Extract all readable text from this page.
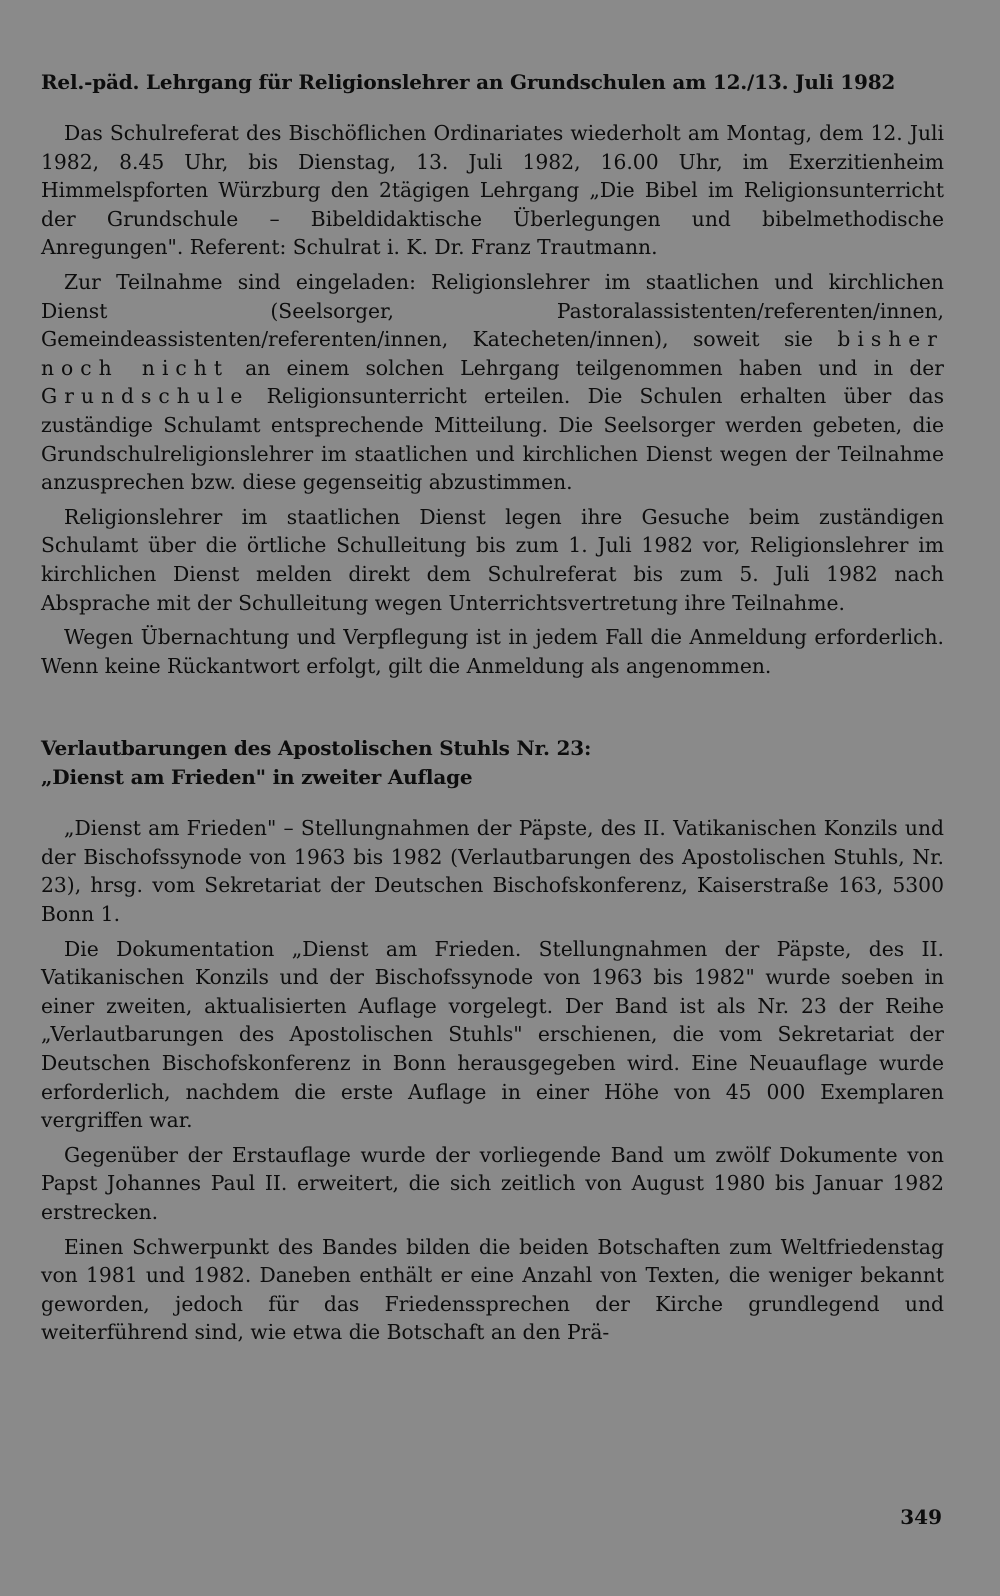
Rel.-päd. Lehrgang für Religionslehrer an Grundschulen am 12./13. Juli 1982

Das Schulreferat des Bischöflichen Ordinariates wiederholt am Montag, dem 12. Juli 1982, 8.45 Uhr, bis Dienstag, 13. Juli 1982, 16.00 Uhr, im Exerzitienheim Himmelspforten Würzburg den 2tägigen Lehrgang „Die Bibel im Religionsunterricht der Grundschule – Bibeldidaktische Überlegungen und bibelmethodische Anregungen". Referent: Schulrat i. K. Dr. Franz Trautmann.

Zur Teilnahme sind eingeladen: Religionslehrer im staatlichen und kirchlichen Dienst (Seelsorger, Pastoralassistenten/referenten/innen, Gemeindeassistenten/referenten/innen, Katecheten/innen), soweit sie bisher noch nicht an einem solchen Lehrgang teilgenommen haben und in der Grundschule Religionsunterricht erteilen. Die Schulen erhalten über das zuständige Schulamt entsprechende Mitteilung. Die Seelsorger werden gebeten, die Grundschulreligionslehrer im staatlichen und kirchlichen Dienst wegen der Teilnahme anzusprechen bzw. diese gegenseitig abzustimmen.

Religionslehrer im staatlichen Dienst legen ihre Gesuche beim zuständigen Schulamt über die örtliche Schulleitung bis zum 1. Juli 1982 vor, Religionslehrer im kirchlichen Dienst melden direkt dem Schulreferat bis zum 5. Juli 1982 nach Absprache mit der Schulleitung wegen Unterrichtsvertretung ihre Teilnahme.

Wegen Übernachtung und Verpflegung ist in jedem Fall die Anmeldung erforderlich. Wenn keine Rückantwort erfolgt, gilt die Anmeldung als angenommen.

Verlautbarungen des Apostolischen Stuhls Nr. 23:
„Dienst am Frieden" in zweiter Auflage

„Dienst am Frieden" – Stellungnahmen der Päpste, des II. Vatikanischen Konzils und der Bischofssynode von 1963 bis 1982 (Verlautbarungen des Apostolischen Stuhls, Nr. 23), hrsg. vom Sekretariat der Deutschen Bischofskonferenz, Kaiserstraße 163, 5300 Bonn 1.

Die Dokumentation „Dienst am Frieden. Stellungnahmen der Päpste, des II. Vatikanischen Konzils und der Bischofssynode von 1963 bis 1982" wurde soeben in einer zweiten, aktualisierten Auflage vorgelegt. Der Band ist als Nr. 23 der Reihe „Verlautbarungen des Apostolischen Stuhls" erschienen, die vom Sekretariat der Deutschen Bischofskonferenz in Bonn herausgegeben wird. Eine Neuauflage wurde erforderlich, nachdem die erste Auflage in einer Höhe von 45 000 Exemplaren vergriffen war.

Gegenüber der Erstauflage wurde der vorliegende Band um zwölf Dokumente von Papst Johannes Paul II. erweitert, die sich zeitlich von August 1980 bis Januar 1982 erstrecken.

Einen Schwerpunkt des Bandes bilden die beiden Botschaften zum Weltfriedenstag von 1981 und 1982. Daneben enthält er eine Anzahl von Texten, die weniger bekannt geworden, jedoch für das Friedenssprechen der Kirche grundlegend und weiterführend sind, wie etwa die Botschaft an den Prä-

349
